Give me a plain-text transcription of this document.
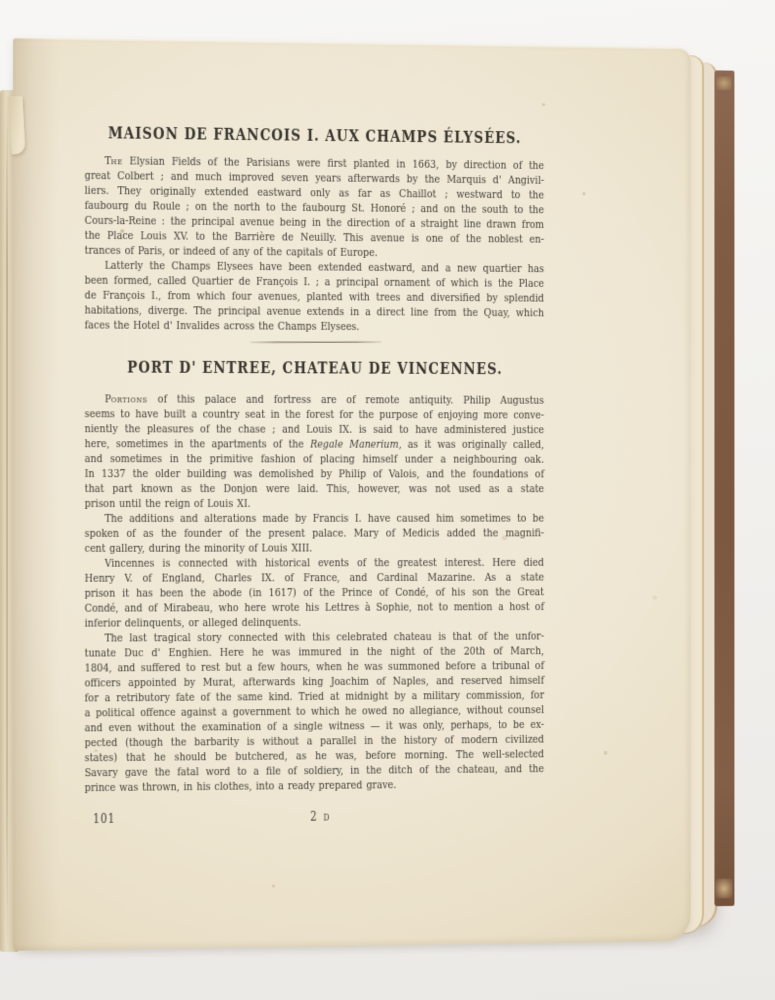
MAISON DE FRANCOIS I. AUX CHAMPS ÉLYSÉES.
The Elysian Fields of the Parisians were first planted in 1663, by direction of the
great Colbert ; and much improved seven years afterwards by the Marquis d' Angivil-
liers. They originally extended eastward only as far as Chaillot ; westward to the
faubourg du Roule ; on the north to the faubourg St. Honoré ; and on the south to the
Cours-la-Reine : the principal avenue being in the direction of a straight line drawn from
the Place Louis XV. to the Barrière de Neuilly. This avenue is one of the noblest en-
trances of Paris, or indeed of any of the capitals of Europe.
Latterly the Champs Elysees have been extended eastward, and a new quartier has
been formed, called Quartier de François I. ; a principal ornament of which is the Place
de François I., from which four avenues, planted with trees and diversified by splendid
habitations, diverge. The principal avenue extends in a direct line from the Quay, which
faces the Hotel d' Invalides across the Champs Elysees.
PORT D' ENTREE, CHATEAU DE VINCENNES.
Portions of this palace and fortress are of remote antiquity. Philip Augustus
seems to have built a country seat in the forest for the purpose of enjoying more conve-
niently the pleasures of the chase ; and Louis IX. is said to have administered justice
here, sometimes in the apartments of the Regale Manerium, as it was originally called,
and sometimes in the primitive fashion of placing himself under a neighbouring oak.
In 1337 the older building was demolished by Philip of Valois, and the foundations of
that part known as the Donjon were laid. This, however, was not used as a state
prison until the reign of Louis XI.
The additions and alterations made by Francis I. have caused him sometimes to be
spoken of as the founder of the present palace. Mary of Medicis added the magnifi-
cent gallery, during the minority of Louis XIII.
Vincennes is connected with historical events of the greatest interest. Here died
Henry V. of England, Charles IX. of France, and Cardinal Mazarine. As a state
prison it has been the abode (in 1617) of the Prince of Condé, of his son the Great
Condé, and of Mirabeau, who here wrote his Lettres à Sophie, not to mention a host of
inferior delinquents, or alleged delinquents.
The last tragical story connected with this celebrated chateau is that of the unfor-
tunate Duc d' Enghien. Here he was immured in the night of the 20th of March,
1804, and suffered to rest but a few hours, when he was summoned before a tribunal of
officers appointed by Murat, afterwards king Joachim of Naples, and reserved himself
for a retributory fate of the same kind. Tried at midnight by a military commission, for
a political offence against a government to which he owed no allegiance, without counsel
and even without the examination of a single witness — it was only, perhaps, to be ex-
pected (though the barbarity is without a parallel in the history of modern civilized
states) that he should be butchered, as he was, before morning. The well-selected
Savary gave the fatal word to a file of soldiery, in the ditch of the chateau, and the
prince was thrown, in his clothes, into a ready prepared grave.
101	2 d
